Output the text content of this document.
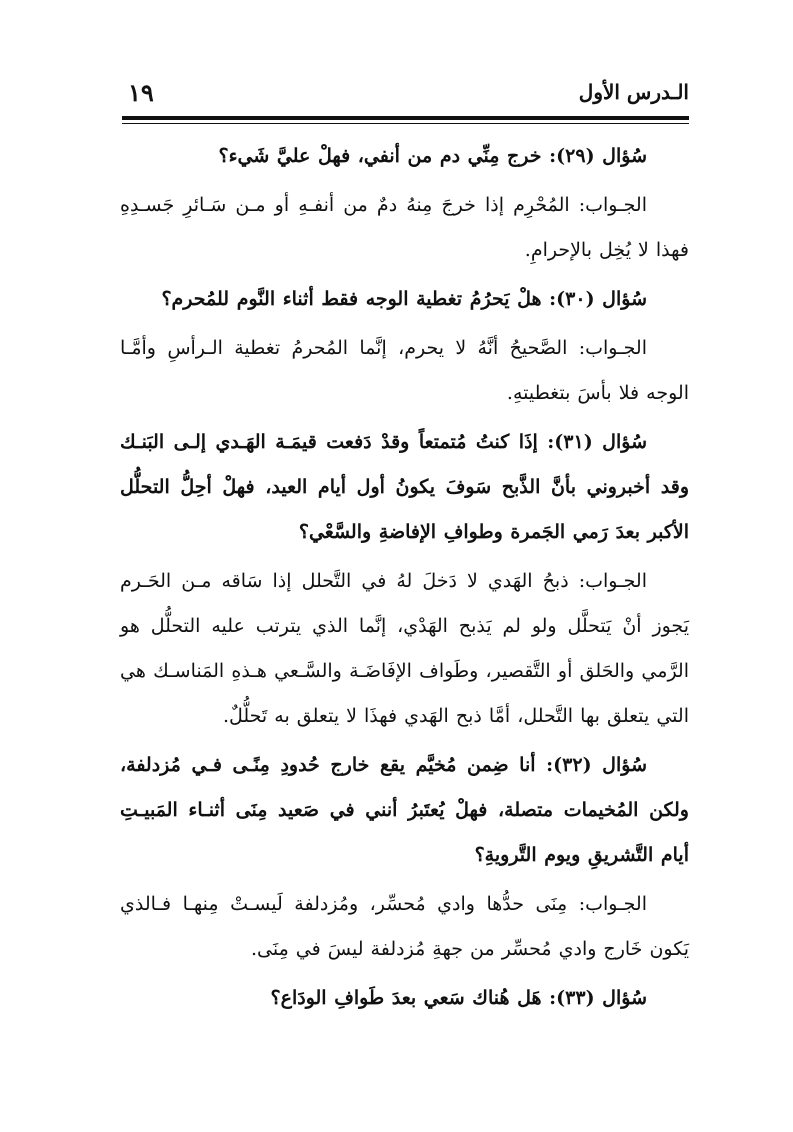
الـدرس الأول
١٩

سُؤال (٢٩): خرج مِنِّي دم من أنفي، فهلْ عليَّ شَيء؟

الجـواب: المُحْرِم إذا خرجَ مِنهُ دمٌ من أنفـهِ أو مـن سَـائرِ جَسـدِهِ فهذا لا يُخِل بالإحرامِ.

سُؤال (٣٠): هلْ يَحرُمُ تغطية الوجه فقط أثناء النَّوم للمُحرم؟

الجـواب: الصَّحيحُ أنَّهُ لا يحرم، إنَّما المُحرمُ تغطية الـرأسِ وأمَّـا الوجه فلا بأسَ بتغطيتهِ.

سُؤال (٣١): إذَا كنتُ مُتمتعاً وقدْ دَفعت قيمَـة الهَـدي إلـى البَنـك وقد أخبروني بأنَّ الذَّبح سَوفَ يكونُ أول أيام العيد، فهلْ أحِلُّ التحلُّل الأكبر بعدَ رَمي الجَمرة وطوافِ الإفاضةِ والسَّعْي؟

الجـواب: ذبحُ الهَدي لا دَخلَ لهُ في التَّحلل إذا سَاقه مـن الحَـرم يَجوز أنْ يَتحلَّل ولو لم يَذبح الهَدْي، إنَّما الذي يترتب عليه التحلُّل هو الرَّمي والحَلق أو التَّقصير، وطَواف الإفَاضَـة والسَّـعي هـذهِ المَناسـك هي التي يتعلق بها التَّحلل، أمَّا ذبح الهَدي فهذَا لا يتعلق به تَحلُّلٌ.

سُؤال (٣٢): أنا ضِمن مُخيَّم يقع خارج حُدودِ مِنًـى فـي مُزدلفة، ولكن المُخيمات متصلة، فهلْ يُعتَبرُ أنني في صَعيد مِنَى أثنـاء المَبيـتِ أيام التَّشريقِ ويوم التَّرويةِ؟

الجـواب: مِنَى حدُّها وادي مُحسِّر، ومُزدلفة لَيسـتْ مِنهـا فـالذي يَكون خَارج وادي مُحسِّر من جهةِ مُزدلفة ليسَ في مِنَى.

سُؤال (٣٣): هَل هُناك سَعي بعدَ طَوافِ الودَاع؟
